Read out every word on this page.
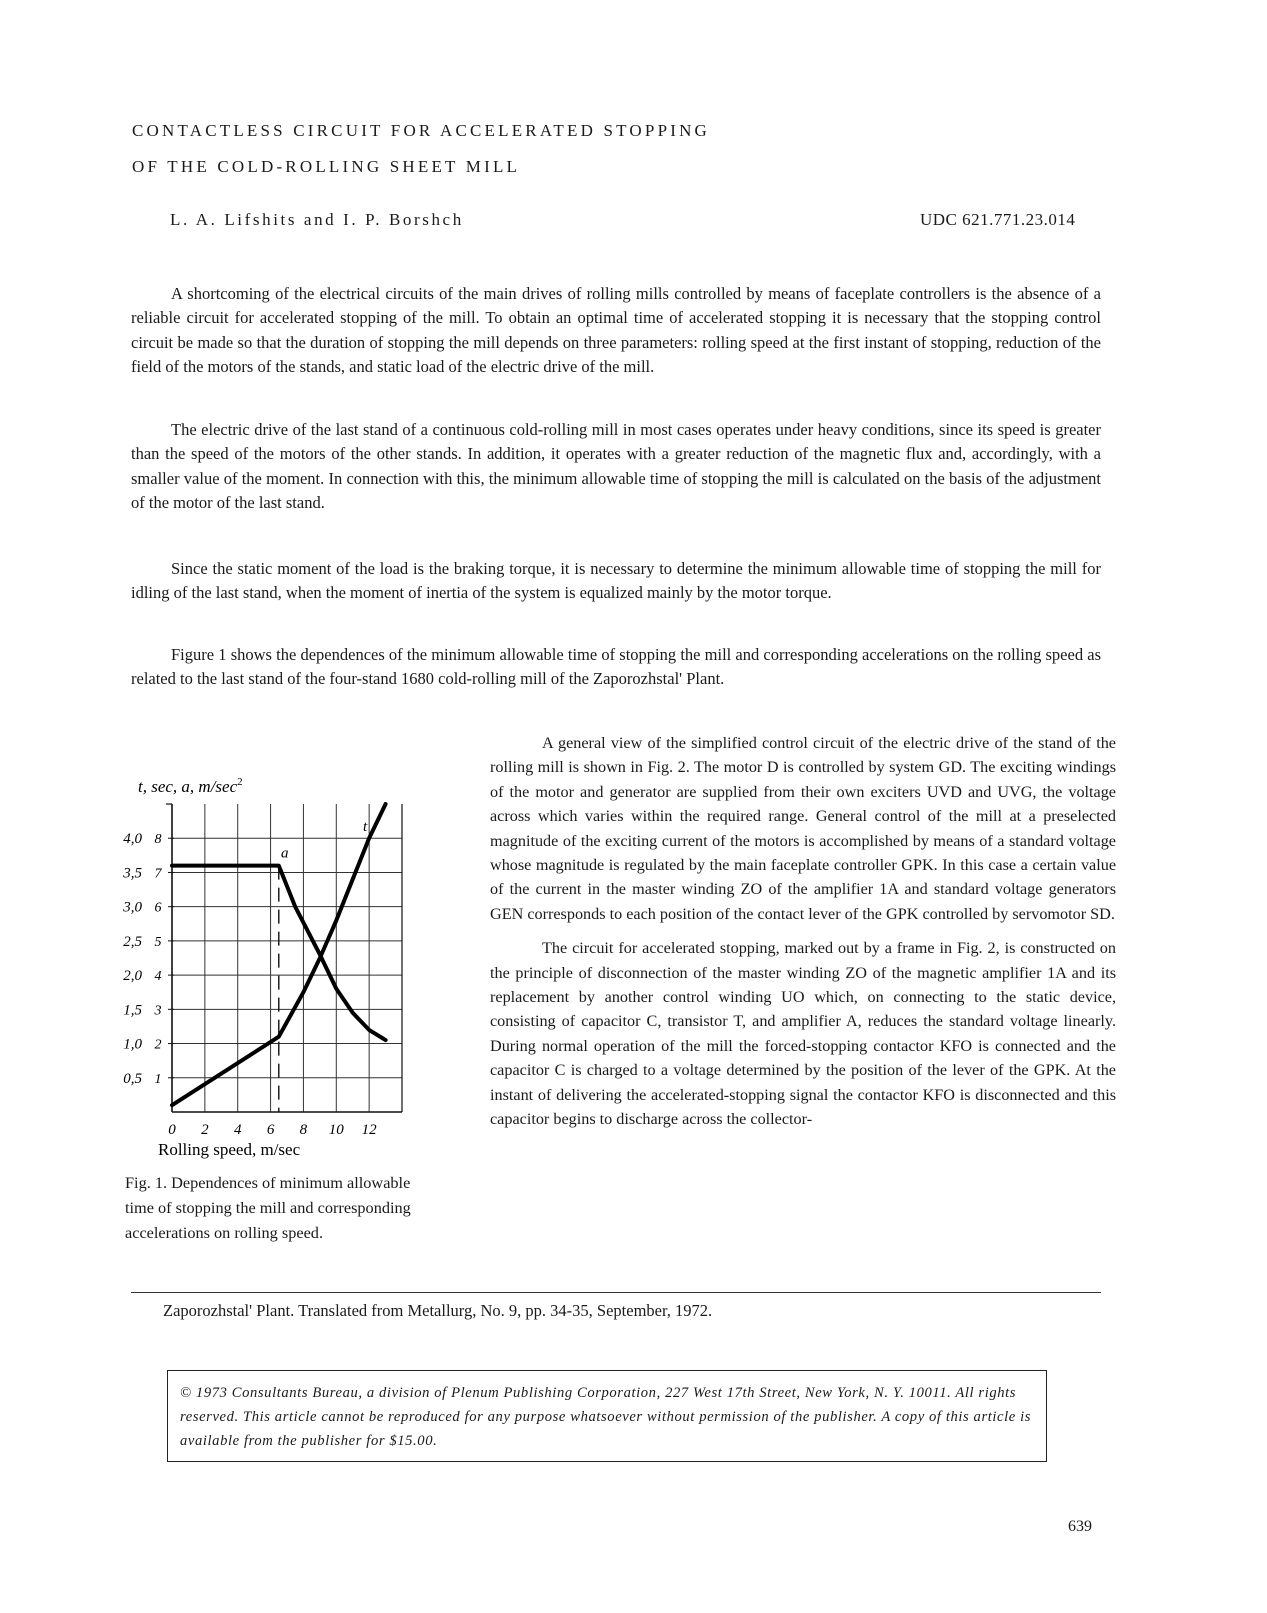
CONTACTLESS CIRCUIT FOR ACCELERATED STOPPING
OF THE COLD-ROLLING SHEET MILL
L. A. Lifshits and I. P. Borshch	UDC 621.771.23.014

A shortcoming of the electrical circuits of the main drives of rolling mills controlled by means of faceplate controllers is the absence of a reliable circuit for accelerated stopping of the mill. To obtain an optimal time of accelerated stopping it is necessary that the stopping control circuit be made so that the duration of stopping the mill depends on three parameters: rolling speed at the first instant of stopping, reduction of the field of the motors of the stands, and static load of the electric drive of the mill.

The electric drive of the last stand of a continuous cold-rolling mill in most cases operates under heavy conditions, since its speed is greater than the speed of the motors of the other stands. In addition, it operates with a greater reduction of the magnetic flux and, accordingly, with a smaller value of the moment. In connection with this, the minimum allowable time of stopping the mill is calculated on the basis of the adjustment of the motor of the last stand.

Since the static moment of the load is the braking torque, it is necessary to determine the minimum allowable time of stopping the mill for idling of the last stand, when the moment of inertia of the system is equalized mainly by the motor torque.

Figure 1 shows the dependences of the minimum allowable time of stopping the mill and corresponding accelerations on the rolling speed as related to the last stand of the four-stand 1680 cold-rolling mill of the Zaporozhstal' Plant.

t, sec, a, $m/\sec^2$
0,5
1,0
1,5
2,0
2,5
3,0
3,5
4,0
1
2
3
4
5
6
7
8
0 2 4 6 8 10 12
t
a
Rolling speed, m/sec
Fig. 1. Dependences of minimum allowable time of stopping the mill and corresponding accelerations on rolling speed.

A general view of the simplified control circuit of the electric drive of the stand of the rolling mill is shown in Fig. 2. The motor D is controlled by system GD. The exciting windings of the motor and generator are supplied from their own exciters UVD and UVG, the voltage across which varies within the required range. General control of the mill at a preselected magnitude of the exciting current of the motors is accomplished by means of a standard voltage whose magnitude is regulated by the main faceplate controller GPK. In this case a certain value of the current in the master winding ZO of the amplifier 1A and standard voltage generators GEN corresponds to each position of the contact lever of the GPK controlled by servomotor SD.

The circuit for accelerated stopping, marked out by a frame in Fig. 2, is constructed on the principle of disconnection of the master winding ZO of the magnetic amplifier 1A and its replacement by another control winding UO which, on connecting to the static device, consisting of capacitor C, transistor T, and amplifier A, reduces the standard voltage linearly. During normal operation of the mill the forced-stopping contactor KFO is connected and the capacitor C is charged to a voltage determined by the position of the lever of the GPK. At the instant of delivering the accelerated-stopping signal the contactor KFO is disconnected and this capacitor begins to discharge across the collector-

Zaporozhstal' Plant. Translated from Metallurg, No. 9, pp. 34-35, September, 1972.
© 1973 Consultants Bureau, a division of Plenum Publishing Corporation, 227 West 17th Street, New York, N. Y. 10011. All rights reserved. This article cannot be reproduced for any purpose whatsoever without permission of the publisher. A copy of this article is available from the publisher for $15.00.
639
